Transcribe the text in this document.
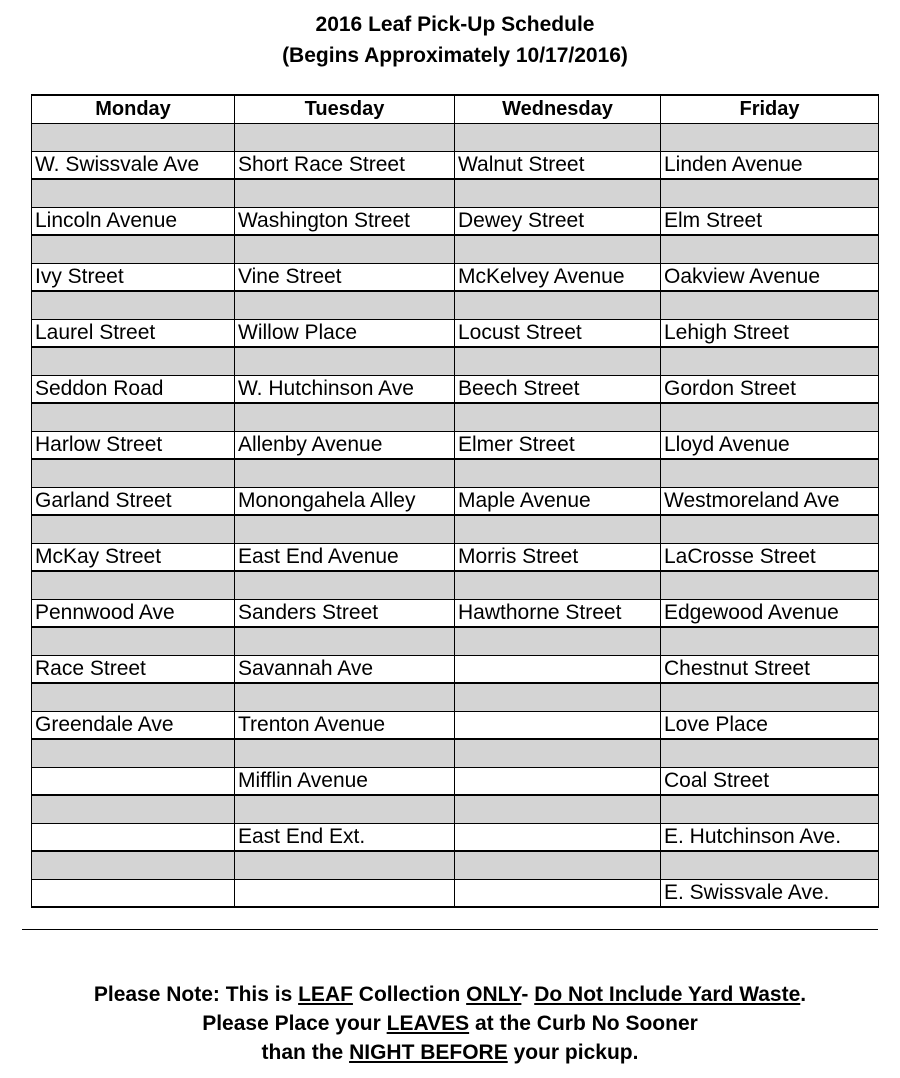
2016 Leaf Pick-Up Schedule
(Begins Approximately 10/17/2016)
Monday	Tuesday	Wednesday	Friday

W. Swissvale Ave	Short Race Street	Walnut Street	Linden Avenue

Lincoln Avenue	Washington Street	Dewey Street	Elm Street

Ivy Street	Vine Street	McKelvey Avenue	Oakview Avenue

Laurel Street	Willow Place	Locust Street	Lehigh Street

Seddon Road	W. Hutchinson Ave	Beech Street	Gordon Street

Harlow Street	Allenby Avenue	Elmer Street	Lloyd Avenue

Garland Street	Monongahela Alley	Maple Avenue	Westmoreland Ave

McKay Street	East End Avenue	Morris Street	LaCrosse Street

Pennwood Ave	Sanders Street	Hawthorne Street	Edgewood Avenue

Race Street	Savannah Ave		Chestnut Street

Greendale Ave	Trenton Avenue		Love Place

	Mifflin Avenue		Coal Street

	East End Ext.		E. Hutchinson Ave.

			E. Swissvale Ave.
Please Note: This is LEAF Collection ONLY- Do Not Include Yard Waste.
Please Place your LEAVES at the Curb No Sooner
than the NIGHT BEFORE your pickup.
